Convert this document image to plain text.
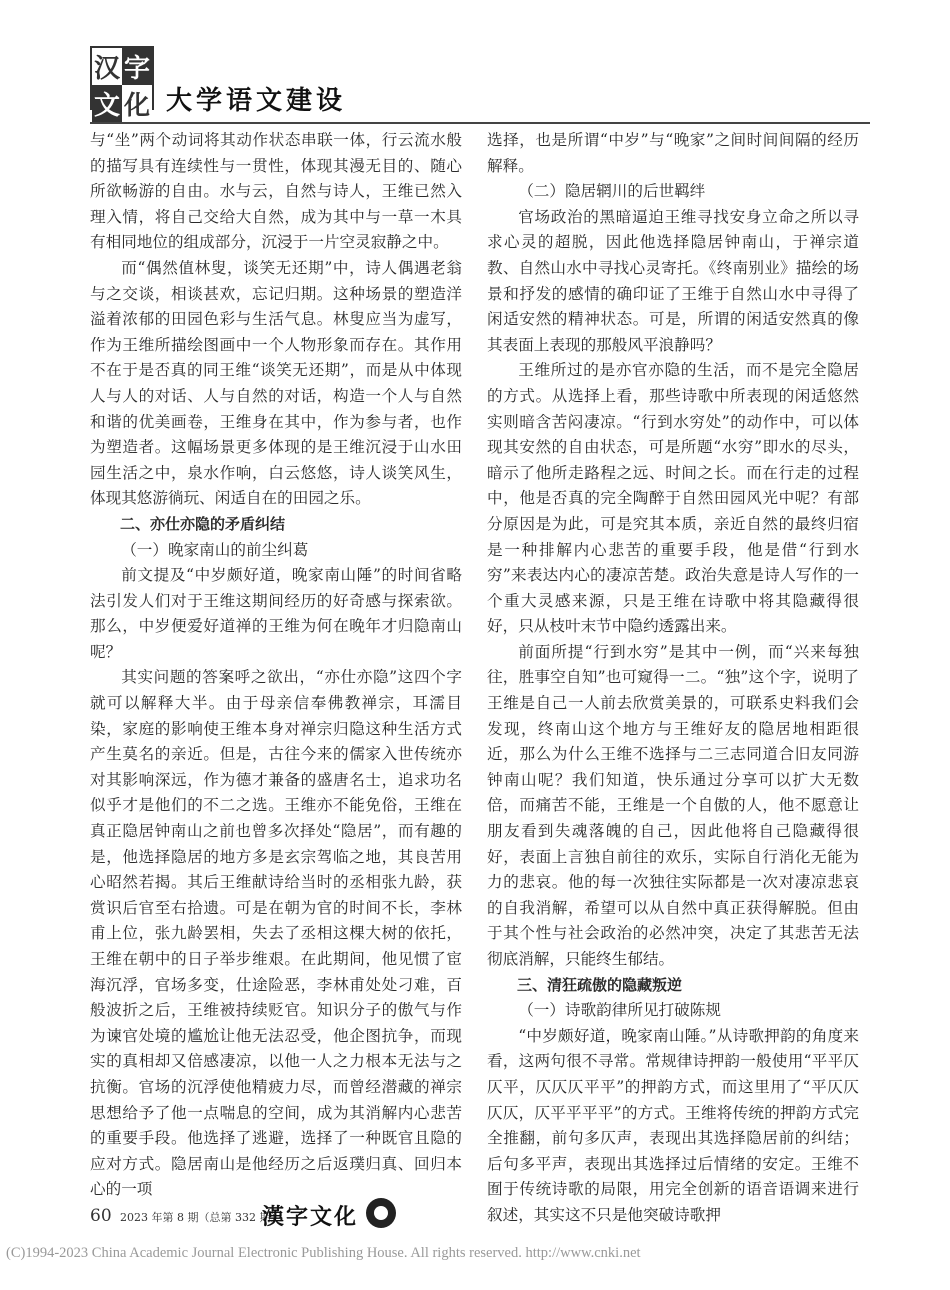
汉 字
文 化 大学语文建设

与“坐”两个动词将其动作状态串联一体，行云流水般的描写具有连续性与一贯性，体现其漫无目的、随心所欲畅游的自由。水与云，自然与诗人，王维已然入理入情，将自己交给大自然，成为其中与一草一木具有相同地位的组成部分，沉浸于一片空灵寂静之中。

而“偶然值林叟，谈笑无还期”中，诗人偶遇老翁与之交谈，相谈甚欢，忘记归期。这种场景的塑造洋溢着浓郁的田园色彩与生活气息。林叟应当为虚写，作为王维所描绘图画中一个人物形象而存在。其作用不在于是否真的同王维“谈笑无还期”，而是从中体现人与人的对话、人与自然的对话，构造一个人与自然和谐的优美画卷，王维身在其中，作为参与者，也作为塑造者。这幅场景更多体现的是王维沉浸于山水田园生活之中，泉水作响，白云悠悠，诗人谈笑风生，体现其悠游徜玩、闲适自在的田园之乐。

二、亦仕亦隐的矛盾纠结

（一）晚家南山的前尘纠葛

前文提及“中岁颇好道，晚家南山陲”的时间省略法引发人们对于王维这期间经历的好奇感与探索欲。那么，中岁便爱好道禅的王维为何在晚年才归隐南山呢？

其实问题的答案呼之欲出，“亦仕亦隐”这四个字就可以解释大半。由于母亲信奉佛教禅宗，耳濡目染，家庭的影响使王维本身对禅宗归隐这种生活方式产生莫名的亲近。但是，古往今来的儒家入世传统亦对其影响深远，作为德才兼备的盛唐名士，追求功名似乎才是他们的不二之选。王维亦不能免俗，王维在真正隐居钟南山之前也曾多次择处“隐居”，而有趣的是，他选择隐居的地方多是玄宗驾临之地，其良苦用心昭然若揭。其后王维献诗给当时的丞相张九龄，获赏识后官至右拾遗。可是在朝为官的时间不长，李林甫上位，张九龄罢相，失去了丞相这棵大树的依托，王维在朝中的日子举步维艰。在此期间，他见惯了宦海沉浮，官场多变，仕途险恶，李林甫处处刁难，百般波折之后，王维被持续贬官。知识分子的傲气与作为谏官处境的尴尬让他无法忍受，他企图抗争，而现实的真相却又倍感凄凉，以他一人之力根本无法与之抗衡。官场的沉浮使他精疲力尽，而曾经潜藏的禅宗思想给予了他一点喘息的空间，成为其消解内心悲苦的重要手段。他选择了逃避，选择了一种既官且隐的应对方式。隐居南山是他经历之后返璞归真、回归本心的一项

选择，也是所谓“中岁”与“晚家”之间时间间隔的经历解释。

（二）隐居辋川的后世羁绊

官场政治的黑暗逼迫王维寻找安身立命之所以寻求心灵的超脱，因此他选择隐居钟南山，于禅宗道教、自然山水中寻找心灵寄托。《终南别业》描绘的场景和抒发的感情的确印证了王维于自然山水中寻得了闲适安然的精神状态。可是，所谓的闲适安然真的像其表面上表现的那般风平浪静吗？

王维所过的是亦官亦隐的生活，而不是完全隐居的方式。从选择上看，那些诗歌中所表现的闲适悠然实则暗含苦闷凄凉。“行到水穷处”的动作中，可以体现其安然的自由状态，可是所题“水穷”即水的尽头，暗示了他所走路程之远、时间之长。而在行走的过程中，他是否真的完全陶醉于自然田园风光中呢？有部分原因是为此，可是究其本质，亲近自然的最终归宿是一种排解内心悲苦的重要手段，他是借“行到水穷”来表达内心的凄凉苦楚。政治失意是诗人写作的一个重大灵感来源，只是王维在诗歌中将其隐藏得很好，只从枝叶末节中隐约透露出来。

前面所提“行到水穷”是其中一例，而“兴来每独往，胜事空自知”也可窥得一二。“独”这个字，说明了王维是自己一人前去欣赏美景的，可联系史料我们会发现，终南山这个地方与王维好友的隐居地相距很近，那么为什么王维不选择与二三志同道合旧友同游钟南山呢？我们知道，快乐通过分享可以扩大无数倍，而痛苦不能，王维是一个自傲的人，他不愿意让朋友看到失魂落魄的自己，因此他将自己隐藏得很好，表面上言独自前往的欢乐，实际自行消化无能为力的悲哀。他的每一次独往实际都是一次对凄凉悲哀的自我消解，希望可以从自然中真正获得解脱。但由于其个性与社会政治的必然冲突，决定了其悲苦无法彻底消解，只能终生郁结。

三、清狂疏傲的隐藏叛逆

（一）诗歌韵律所见打破陈规

“中岁颇好道，晚家南山陲。”从诗歌押韵的角度来看，这两句很不寻常。常规律诗押韵一般使用“平平仄仄平，仄仄仄平平”的押韵方式，而这里用了“平仄仄仄仄，仄平平平平”的方式。王维将传统的押韵方式完全推翻，前句多仄声，表现出其选择隐居前的纠结；后句多平声，表现出其选择过后情绪的安定。王维不囿于传统诗歌的局限，用完全创新的语音语调来进行叙述，其实这不只是他突破诗歌押

60 2023 年第 8 期（总第 332 期）
漢字文化
(C)1994-2023 China Academic Journal Electronic Publishing House. All rights reserved. http://www.cnki.net
